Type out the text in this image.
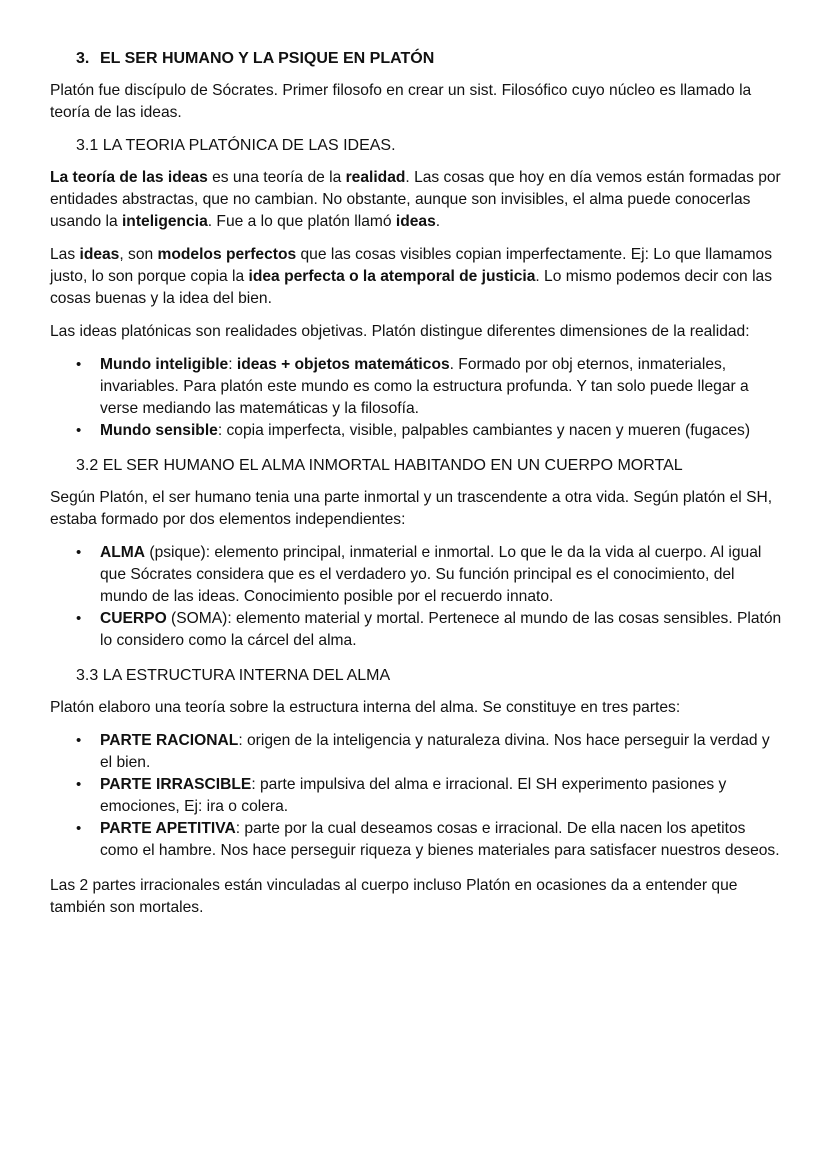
3. EL SER HUMANO Y LA PSIQUE EN PLATÓN

Platón fue discípulo de Sócrates. Primer filosofo en crear un sist. Filosófico cuyo núcleo es llamado la teoría de las ideas.

3.1 LA TEORIA PLATÓNICA DE LAS IDEAS.

La teoría de las ideas es una teoría de la realidad. Las cosas que hoy en día vemos están formadas por entidades abstractas, que no cambian. No obstante, aunque son invisibles, el alma puede conocerlas usando la inteligencia. Fue a lo que platón llamó ideas.

Las ideas, son modelos perfectos que las cosas visibles copian imperfectamente. Ej: Lo que llamamos justo, lo son porque copia la idea perfecta o la atemporal de justicia. Lo mismo podemos decir con las cosas buenas y la idea del bien.

Las ideas platónicas son realidades objetivas. Platón distingue diferentes dimensiones de la realidad:

• Mundo inteligible: ideas + objetos matemáticos. Formado por obj eternos, inmateriales, invariables. Para platón este mundo es como la estructura profunda. Y tan solo puede llegar a verse mediando las matemáticas y la filosofía.
• Mundo sensible: copia imperfecta, visible, palpables cambiantes y nacen y mueren (fugaces)
3.2 EL SER HUMANO EL ALMA INMORTAL HABITANDO EN UN CUERPO MORTAL

Según Platón, el ser humano tenia una parte inmortal y un trascendente a otra vida. Según platón el SH, estaba formado por dos elementos independientes:

• ALMA (psique): elemento principal, inmaterial e inmortal. Lo que le da la vida al cuerpo. Al igual que Sócrates considera que es el verdadero yo. Su función principal es el conocimiento, del mundo de las ideas. Conocimiento posible por el recuerdo innato.
• CUERPO (SOMA): elemento material y mortal. Pertenece al mundo de las cosas sensibles. Platón lo considero como la cárcel del alma.
3.3 LA ESTRUCTURA INTERNA DEL ALMA

Platón elaboro una teoría sobre la estructura interna del alma. Se constituye en tres partes:

• PARTE RACIONAL: origen de la inteligencia y naturaleza divina. Nos hace perseguir la verdad y el bien.
• PARTE IRRASCIBLE: parte impulsiva del alma e irracional. El SH experimento pasiones y emociones, Ej: ira o colera.
• PARTE APETITIVA: parte por la cual deseamos cosas e irracional. De ella nacen los apetitos como el hambre. Nos hace perseguir riqueza y bienes materiales para satisfacer nuestros deseos.

Las 2 partes irracionales están vinculadas al cuerpo incluso Platón en ocasiones da a entender que también son mortales.
